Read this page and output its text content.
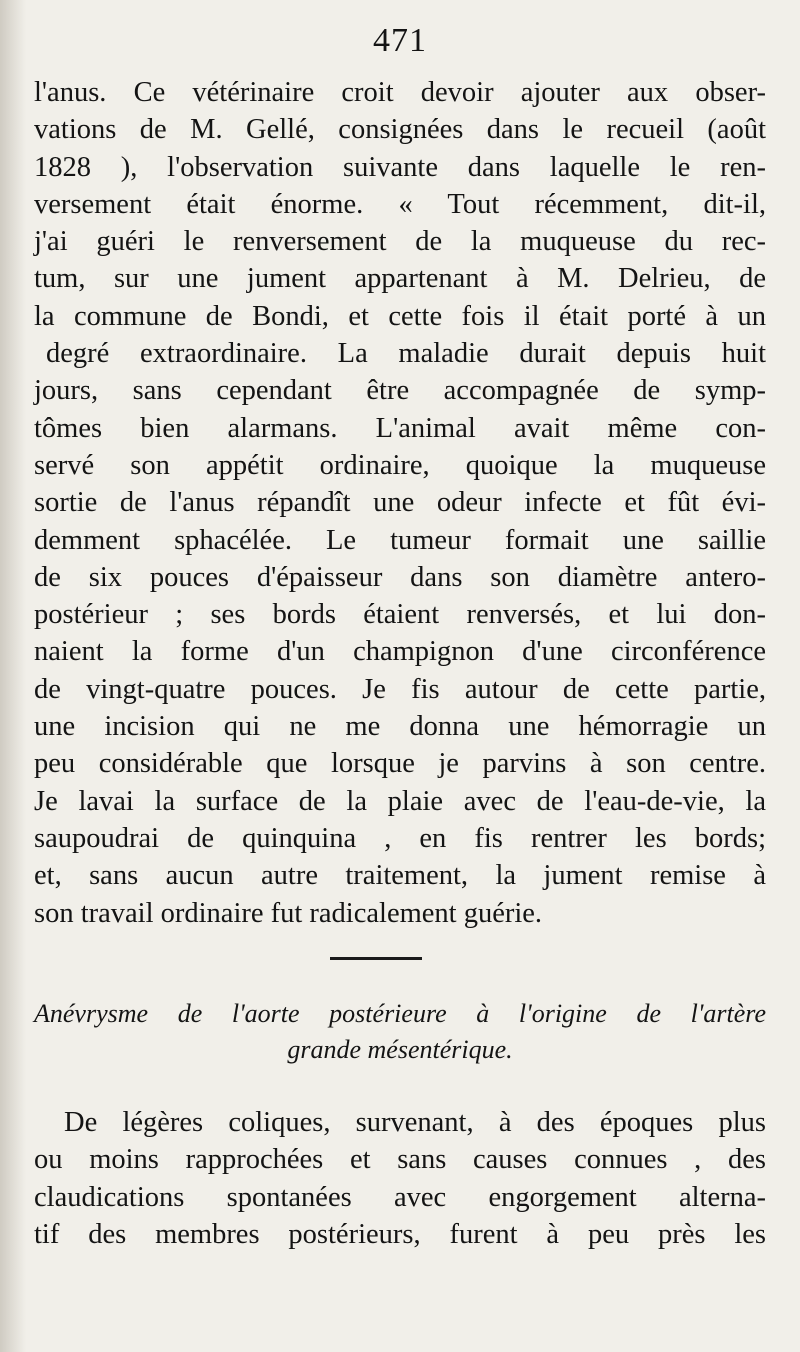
471
l'anus. Ce vétérinaire croit devoir ajouter aux obser-
vations de M. Gellé, consignées dans le recueil (août
1828 ), l'observation suivante dans laquelle le ren-
versement était énorme. « Tout récemment, dit-il,
j'ai guéri le renversement de la muqueuse du rec-
tum, sur une jument appartenant à M. Delrieu, de
la commune de Bondi, et cette fois il était porté à un
degré extraordinaire. La maladie durait depuis huit
jours, sans cependant être accompagnée de symp-
tômes bien alarmans. L'animal avait même con-
servé son appétit ordinaire, quoique la muqueuse
sortie de l'anus répandît une odeur infecte et fût évi-
demment sphacélée. Le tumeur formait une saillie
de six pouces d'épaisseur dans son diamètre antero-
postérieur ; ses bords étaient renversés, et lui don-
naient la forme d'un champignon d'une circonférence
de vingt-quatre pouces. Je fis autour de cette partie,
une incision qui ne me donna une hémorragie un
peu considérable que lorsque je parvins à son centre.
Je lavai la surface de la plaie avec de l'eau-de-vie, la
saupoudrai de quinquina , en fis rentrer les bords;
et, sans aucun autre traitement, la jument remise à
son travail ordinaire fut radicalement guérie.
Anévrysme de l'aorte postérieure à l'origine de l'artère
grande mésentérique.
De légères coliques, survenant, à des époques plus
ou moins rapprochées et sans causes connues , des
claudications spontanées avec engorgement alterna-
tif des membres postérieurs, furent à peu près les
